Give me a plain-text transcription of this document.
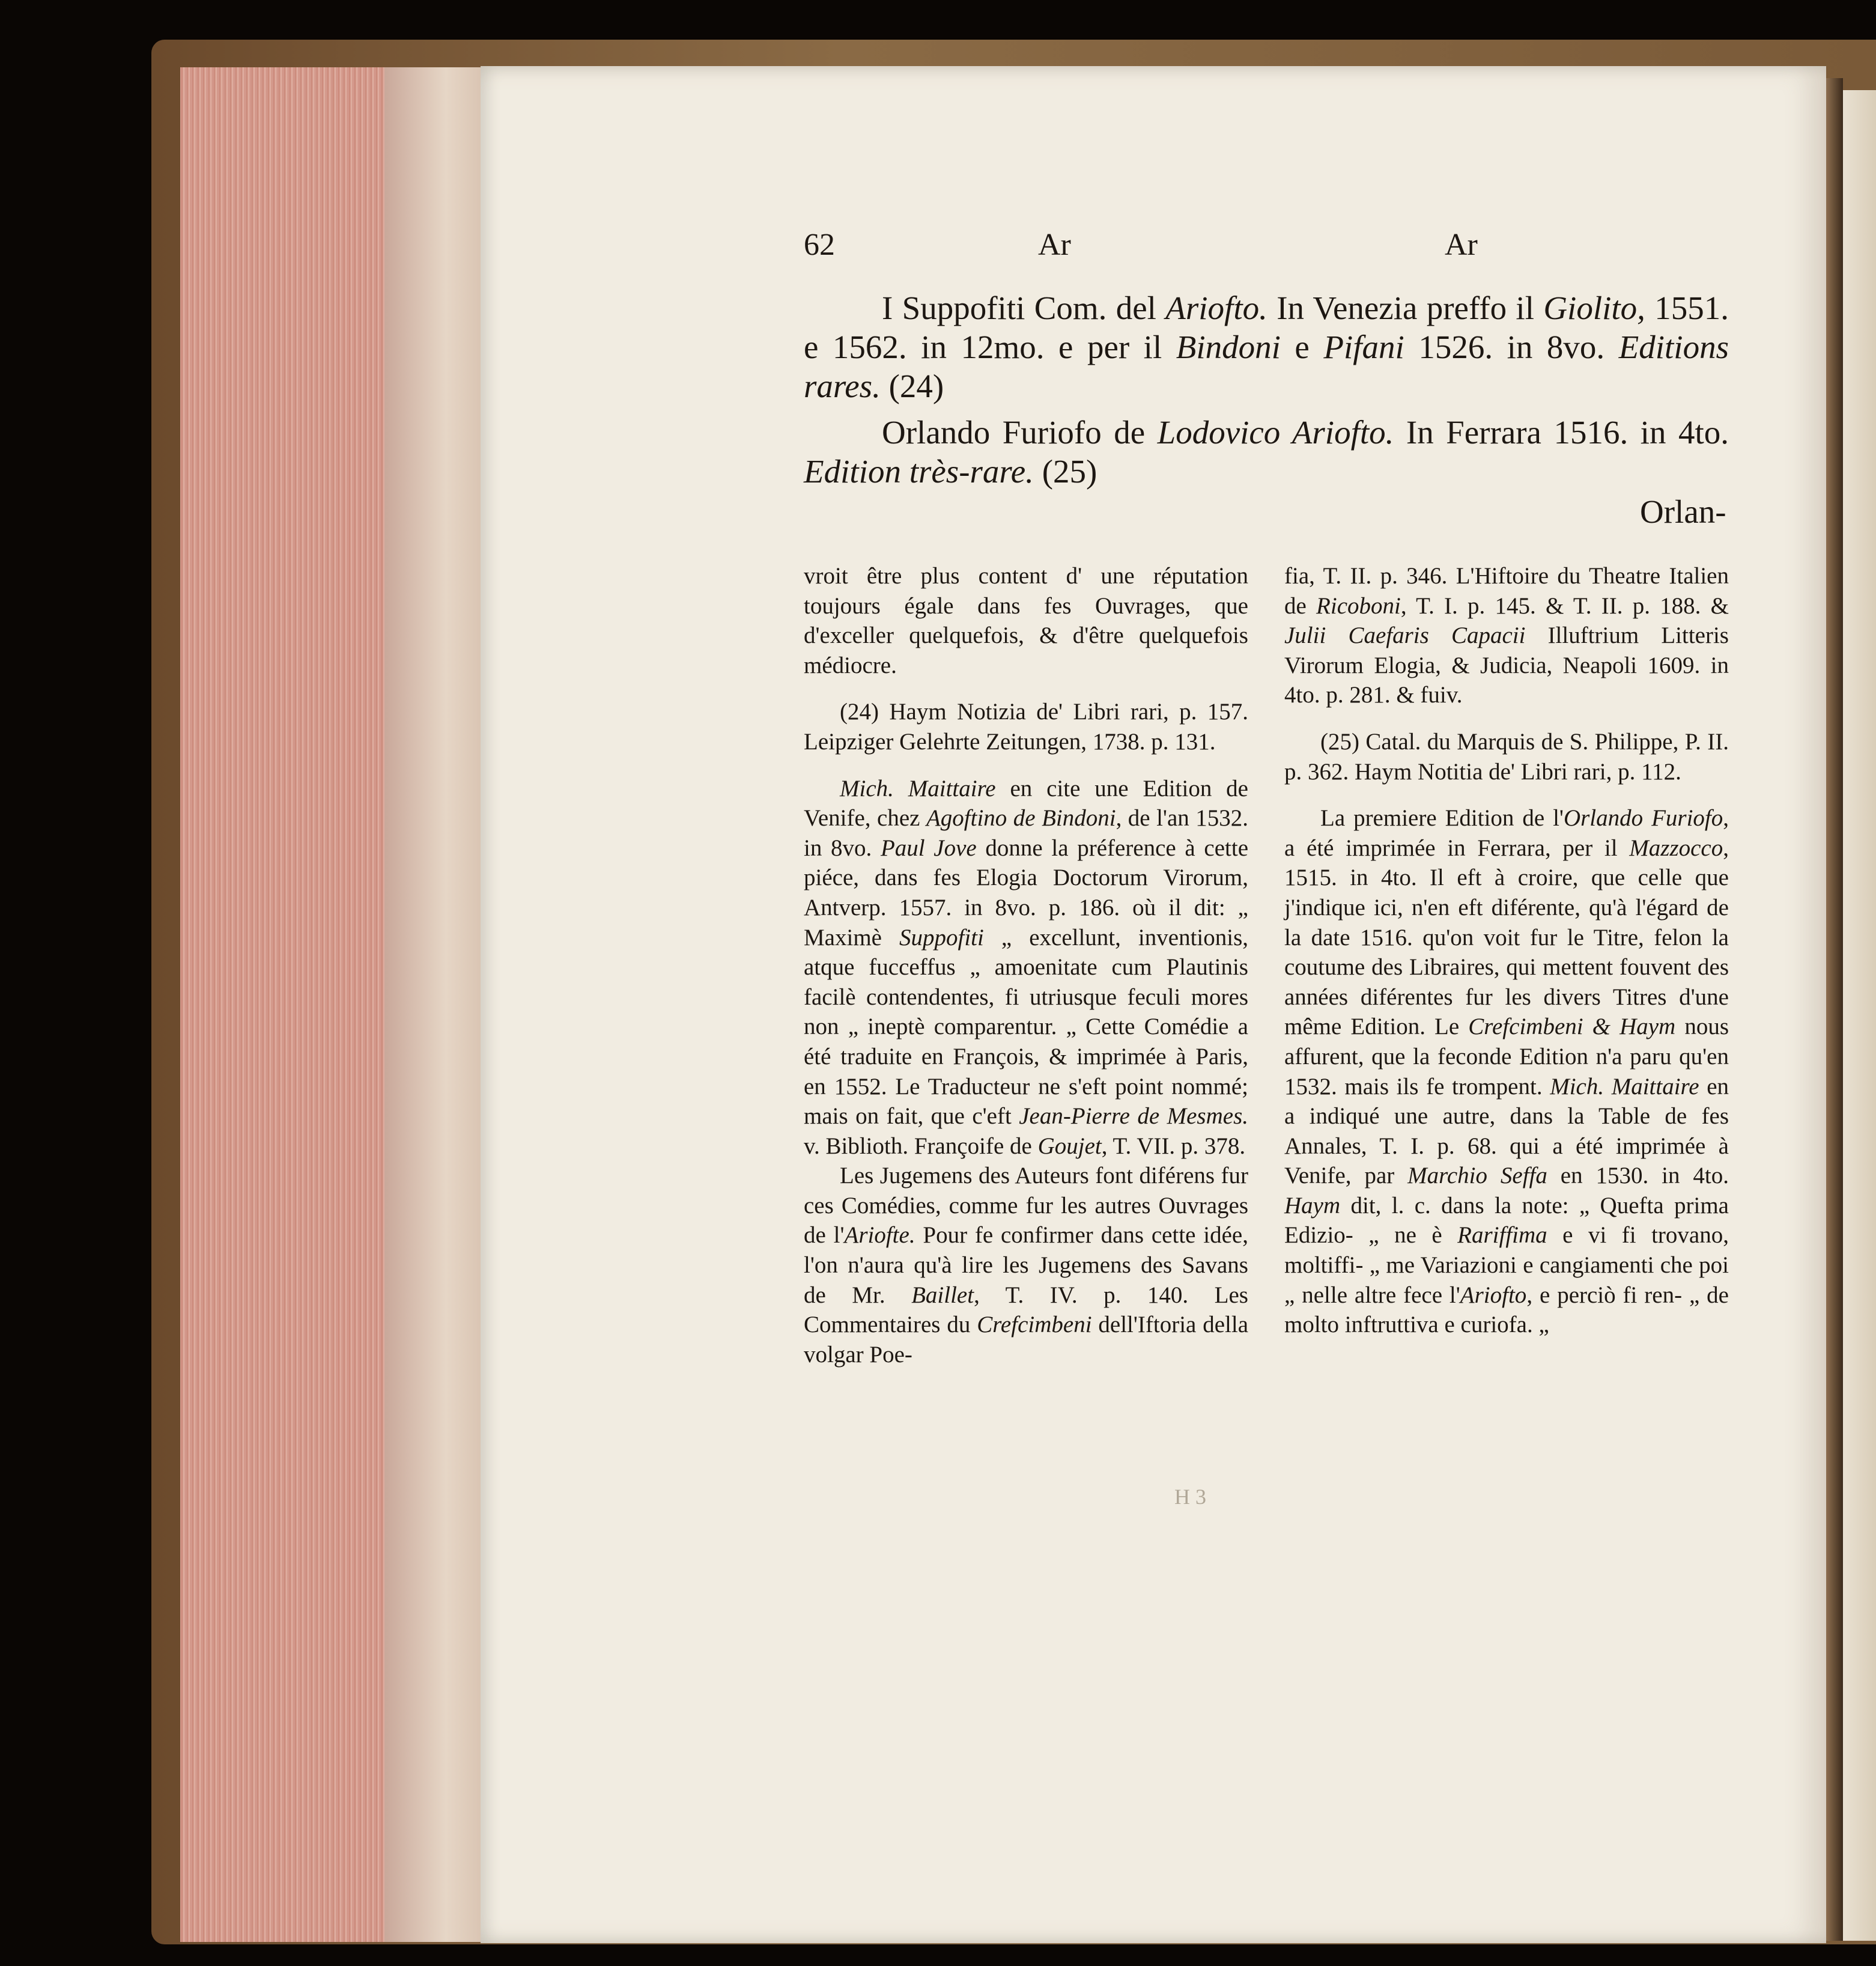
62	Ar	Ar

I Suppofiti Com. del Ariofto. In Venezia preffo il Giolito, 1551. e 1562. in 12mo. e per il Bindoni e Pifani 1526. in 8vo. Editions rares. (24)

Orlando Furiofo de Lodovico Ariofto. In Ferrara 1516. in 4to. Edition très-rare. (25)

Orlan-

vroit être plus content d' une réputation toujours égale dans fes Ouvrages, que d'exceller quelquefois, & d'être quelquefois médiocre.

(24) Haym Notizia de' Libri rari, p. 157. Leipziger Gelehrte Zeitungen, 1738. p. 131.

Mich. Maittaire en cite une Edition de Venife, chez Agoftino de Bindoni, de l'an 1532. in 8vo. Paul Jove donne la préference à cette piéce, dans fes Elogia Doctorum Virorum, Antverp. 1557. in 8vo. p. 186. où il dit: „ Maximè Suppofiti „ excellunt, inventionis, atque fucceffus „ amoenitate cum Plautinis facilè contendentes, fi utriusque feculi mores non „ ineptè comparentur. „ Cette Comédie a été traduite en François, & imprimée à Paris, en 1552. Le Traducteur ne s'eft point nommé; mais on fait, que c'eft Jean-Pierre de Mesmes. v. Biblioth. Françoife de Goujet, T. VII. p. 378.

Les Jugemens des Auteurs font diférens fur ces Comédies, comme fur les autres Ouvrages de l'Ariofte. Pour fe confirmer dans cette idée, l'on n'aura qu'à lire les Jugemens des Savans de Mr. Baillet, T. IV. p. 140. Les Commentaires du Crefcimbeni dell'Iftoria della volgar Poe-

fia, T. II. p. 346. L'Hiftoire du Theatre Italien de Ricoboni, T. I. p. 145. & T. II. p. 188. & Julii Caefaris Capacii Illuftrium Litteris Virorum Elogia, & Judicia, Neapoli 1609. in 4to. p. 281. & fuiv.

(25) Catal. du Marquis de S. Philippe, P. II. p. 362. Haym Notitia de' Libri rari, p. 112.

La premiere Edition de l'Orlando Furiofo, a été imprimée in Ferrara, per il Mazzocco, 1515. in 4to. Il eft à croire, que celle que j'indique ici, n'en eft diférente, qu'à l'égard de la date 1516. qu'on voit fur le Titre, felon la coutume des Libraires, qui mettent fouvent des années diférentes fur les divers Titres d'une même Edition. Le Crefcimbeni & Haym nous affurent, que la feconde Edition n'a paru qu'en 1532. mais ils fe trompent. Mich. Maittaire en a indiqué une autre, dans la Table de fes Annales, T. I. p. 68. qui a été imprimée à Venife, par Marchio Seffa en 1530. in 4to. Haym dit, l. c. dans la note: „ Quefta prima Edizio- „ ne è Rariffima e vi fi trovano, moltiffi- „ me Variazioni e cangiamenti che poi „ nelle altre fece l'Ariofto, e perciò fi ren- „ de molto inftruttiva e curiofa. „

H 3
